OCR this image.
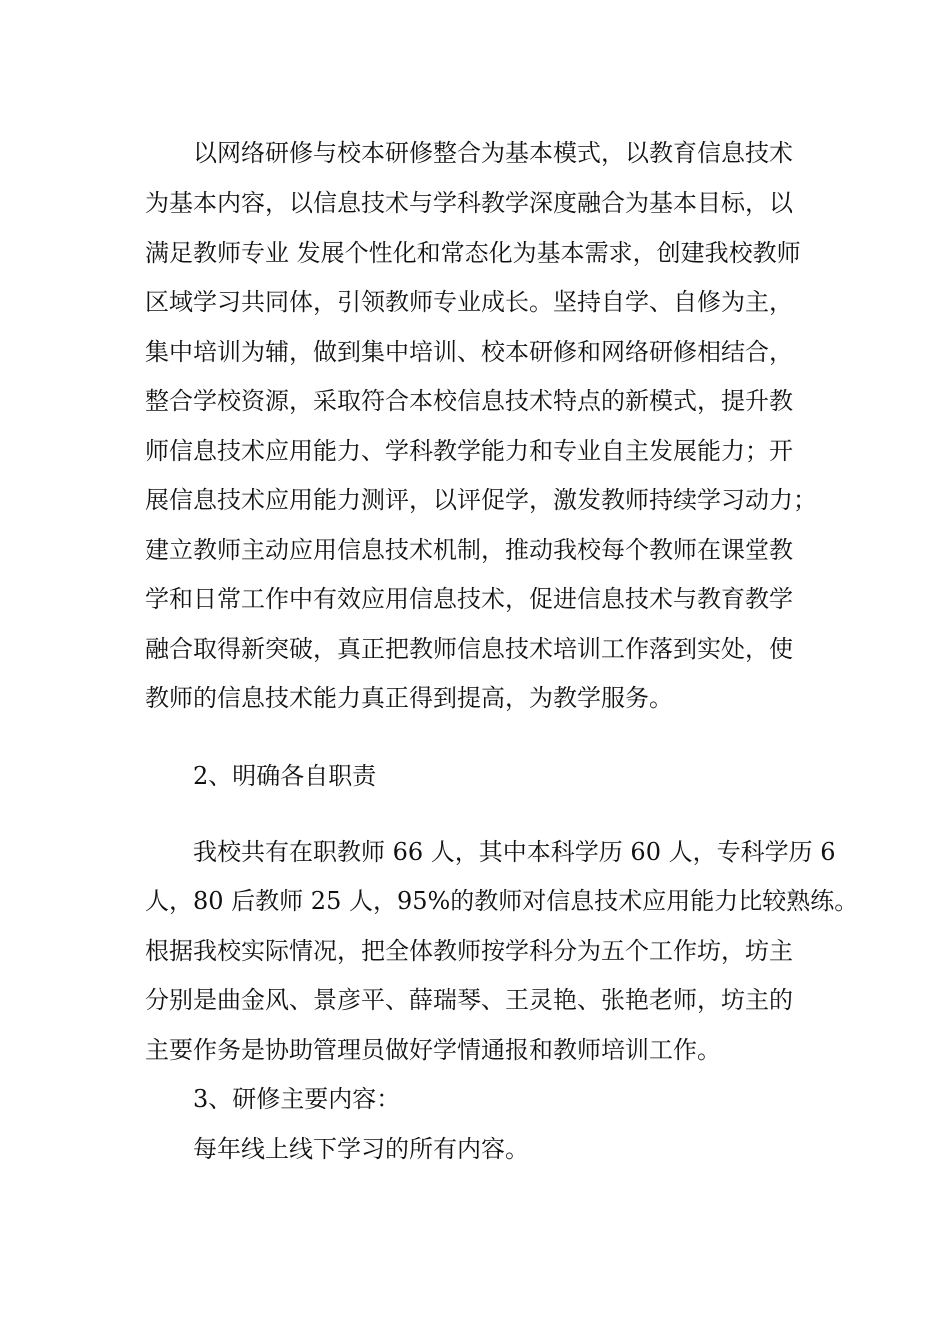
以网络研修与校本研修整合为基本模式，以教育信息技术

为基本内容，以信息技术与学科教学深度融合为基本目标，以

满足教师专业 发展个性化和常态化为基本需求，创建我校教师

区域学习共同体，引领教师专业成长。坚持自学、自修为主，

集中培训为辅，做到集中培训、校本研修和网络研修相结合，

整合学校资源，采取符合本校信息技术特点的新模式，提升教

师信息技术应用能力、学科教学能力和专业自主发展能力；开

展信息技术应用能力测评，以评促学，激发教师持续学习动力；

建立教师主动应用信息技术机制，推动我校每个教师在课堂教

学和日常工作中有效应用信息技术，促进信息技术与教育教学

融合取得新突破，真正把教师信息技术培训工作落到实处，使

教师的信息技术能力真正得到提高，为教学服务。

2、明确各自职责

我校共有在职教师 66 人，其中本科学历 60 人，专科学历 6

人，80 后教师 25 人，95%的教师对信息技术应用能力比较熟练。

根据我校实际情况，把全体教师按学科分为五个工作坊，坊主

分别是曲金风、景彦平、薛瑞琴、王灵艳、张艳老师，坊主的

主要作务是协助管理员做好学情通报和教师培训工作。

3、研修主要内容：

每年线上线下学习的所有内容。
